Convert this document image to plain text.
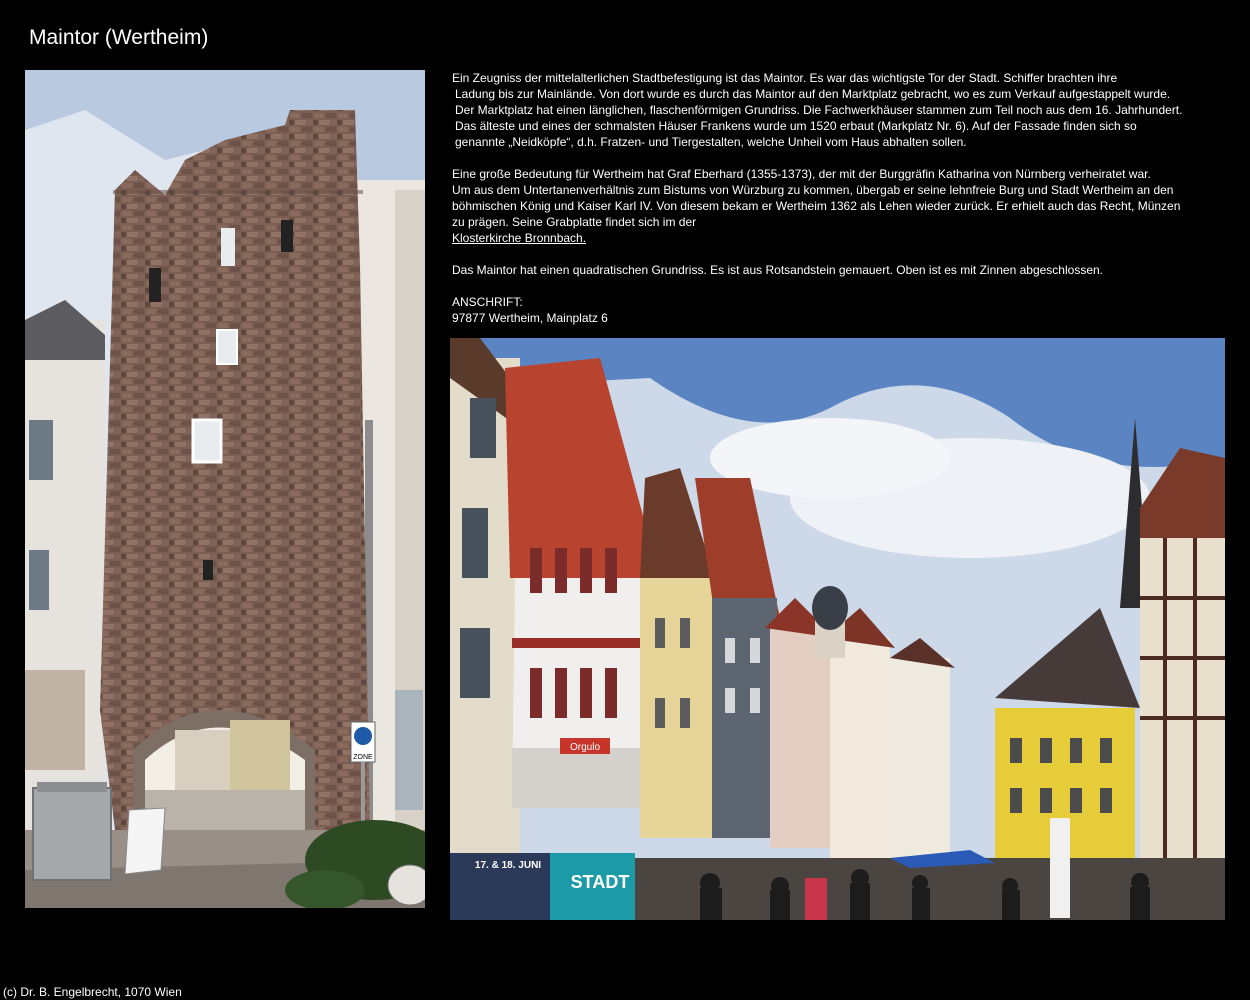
Maintor (Wertheim)
ZONE

Ein Zeugniss der mittelalterlichen Stadtbefestigung ist das Maintor. Es war das wichtigste Tor der Stadt. Schiffer brachten ihre
Ladung bis zur Mainlände. Von dort wurde es durch das Maintor auf den Marktplatz gebracht, wo es zum Verkauf aufgestappelt wurde.
Der Marktplatz hat einen länglichen, flaschenförmigen Grundriss. Die Fachwerkhäuser stammen zum Teil noch aus dem 16. Jahrhundert.
Das älteste und eines der schmalsten Häuser Frankens wurde um 1520 erbaut (Markplatz Nr. 6). Auf der Fassade finden sich so
genannte „Neidköpfe“, d.h. Fratzen- und Tiergestalten, welche Unheil vom Haus abhalten sollen.

Eine große Bedeutung für Wertheim hat Graf Eberhard (1355-1373), der mit der Burggräfin Katharina von Nürnberg verheiratet war.
Um aus dem Untertanenverhältnis zum Bistums von Würzburg zu kommen, übergab er seine lehnfreie Burg und Stadt Wertheim an den
böhmischen König und Kaiser Karl IV. Von diesem bekam er Wertheim 1362 als Lehen wieder zurück. Er erhielt auch das Recht, Münzen
zu prägen. Seine Grabplatte findet sich im der
Klosterkirche Bronnbach.

Das Maintor hat einen quadratischen Grundriss. Es ist aus Rotsandstein gemauert. Oben ist es mit Zinnen abgeschlossen.

ANSCHRIFT:
97877 Wertheim, Mainplatz 6

Orgulo
17. & 18. JUNI
STADT
(c) Dr. B. Engelbrecht, 1070 Wien
